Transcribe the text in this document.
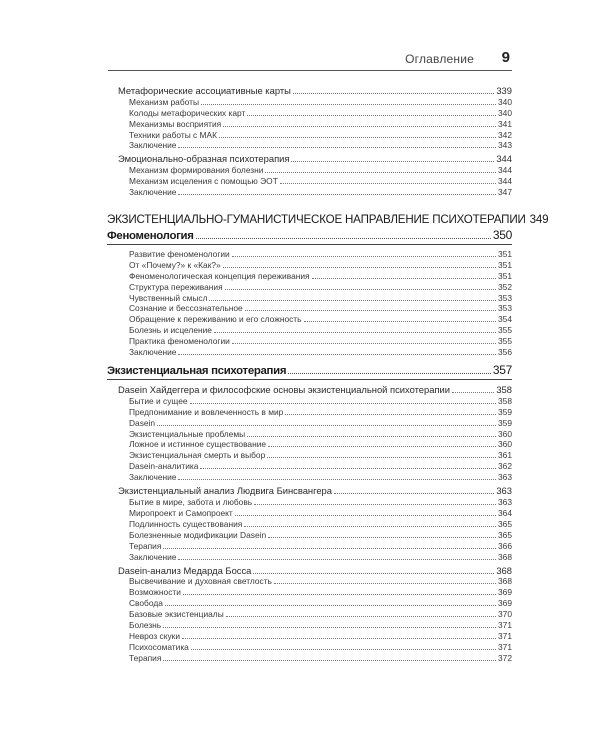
Оглавление 9
Метафорические ассоциативные карты	339
Механизм работы	340
Колоды метафорических карт	340
Механизмы восприятия	341
Техники работы с МАК	342
Заключение	343
Эмоционально-образная психотерапия	344
Механизм формирования болезни	344
Механизм исцеления с помощью ЭОТ	344
Заключение	347
ЭКЗИСТЕНЦИАЛЬНО-ГУМАНИСТИЧЕСКОЕ НАПРАВЛЕНИЕ ПСИХОТЕРАПИИ 349
Феноменология	350
Развитие феноменологии	351
От «Почему?» к «Как?»	351
Феноменологическая концепция переживания	351
Структура переживания	352
Чувственный смысл	353
Сознание и бессознательное	353
Обращение к переживанию и его сложность	354
Болезнь и исцеление	355
Практика феноменологии	355
Заключение	356
Экзистенциальная психотерапия	357
Dasein Хайдеггера и философские основы экзистенциальной психотерапии	358
Бытие и сущее	358
Предпонимание и вовлеченность в мир	359
Dasein	359
Экзистенциальные проблемы	360
Ложное и истинное существование	360
Экзистенциальная смерть и выбор	361
Dasein-аналитика	362
Заключение	363
Экзистенциальный анализ Людвига Бинсвангера	363
Бытие в мире, забота и любовь	363
Миропроект и Самопроект	364
Подлинность существования	365
Болезненные модификации Dasein	365
Терапия	366
Заключение	368
Dasein-анализ Медарда Босса	368
Высвечивание и духовная светлость	368
Возможности	369
Свобода	369
Базовые экзистенциалы	370
Болезнь	371
Невроз скуки	371
Психосоматика	371
Терапия	372
